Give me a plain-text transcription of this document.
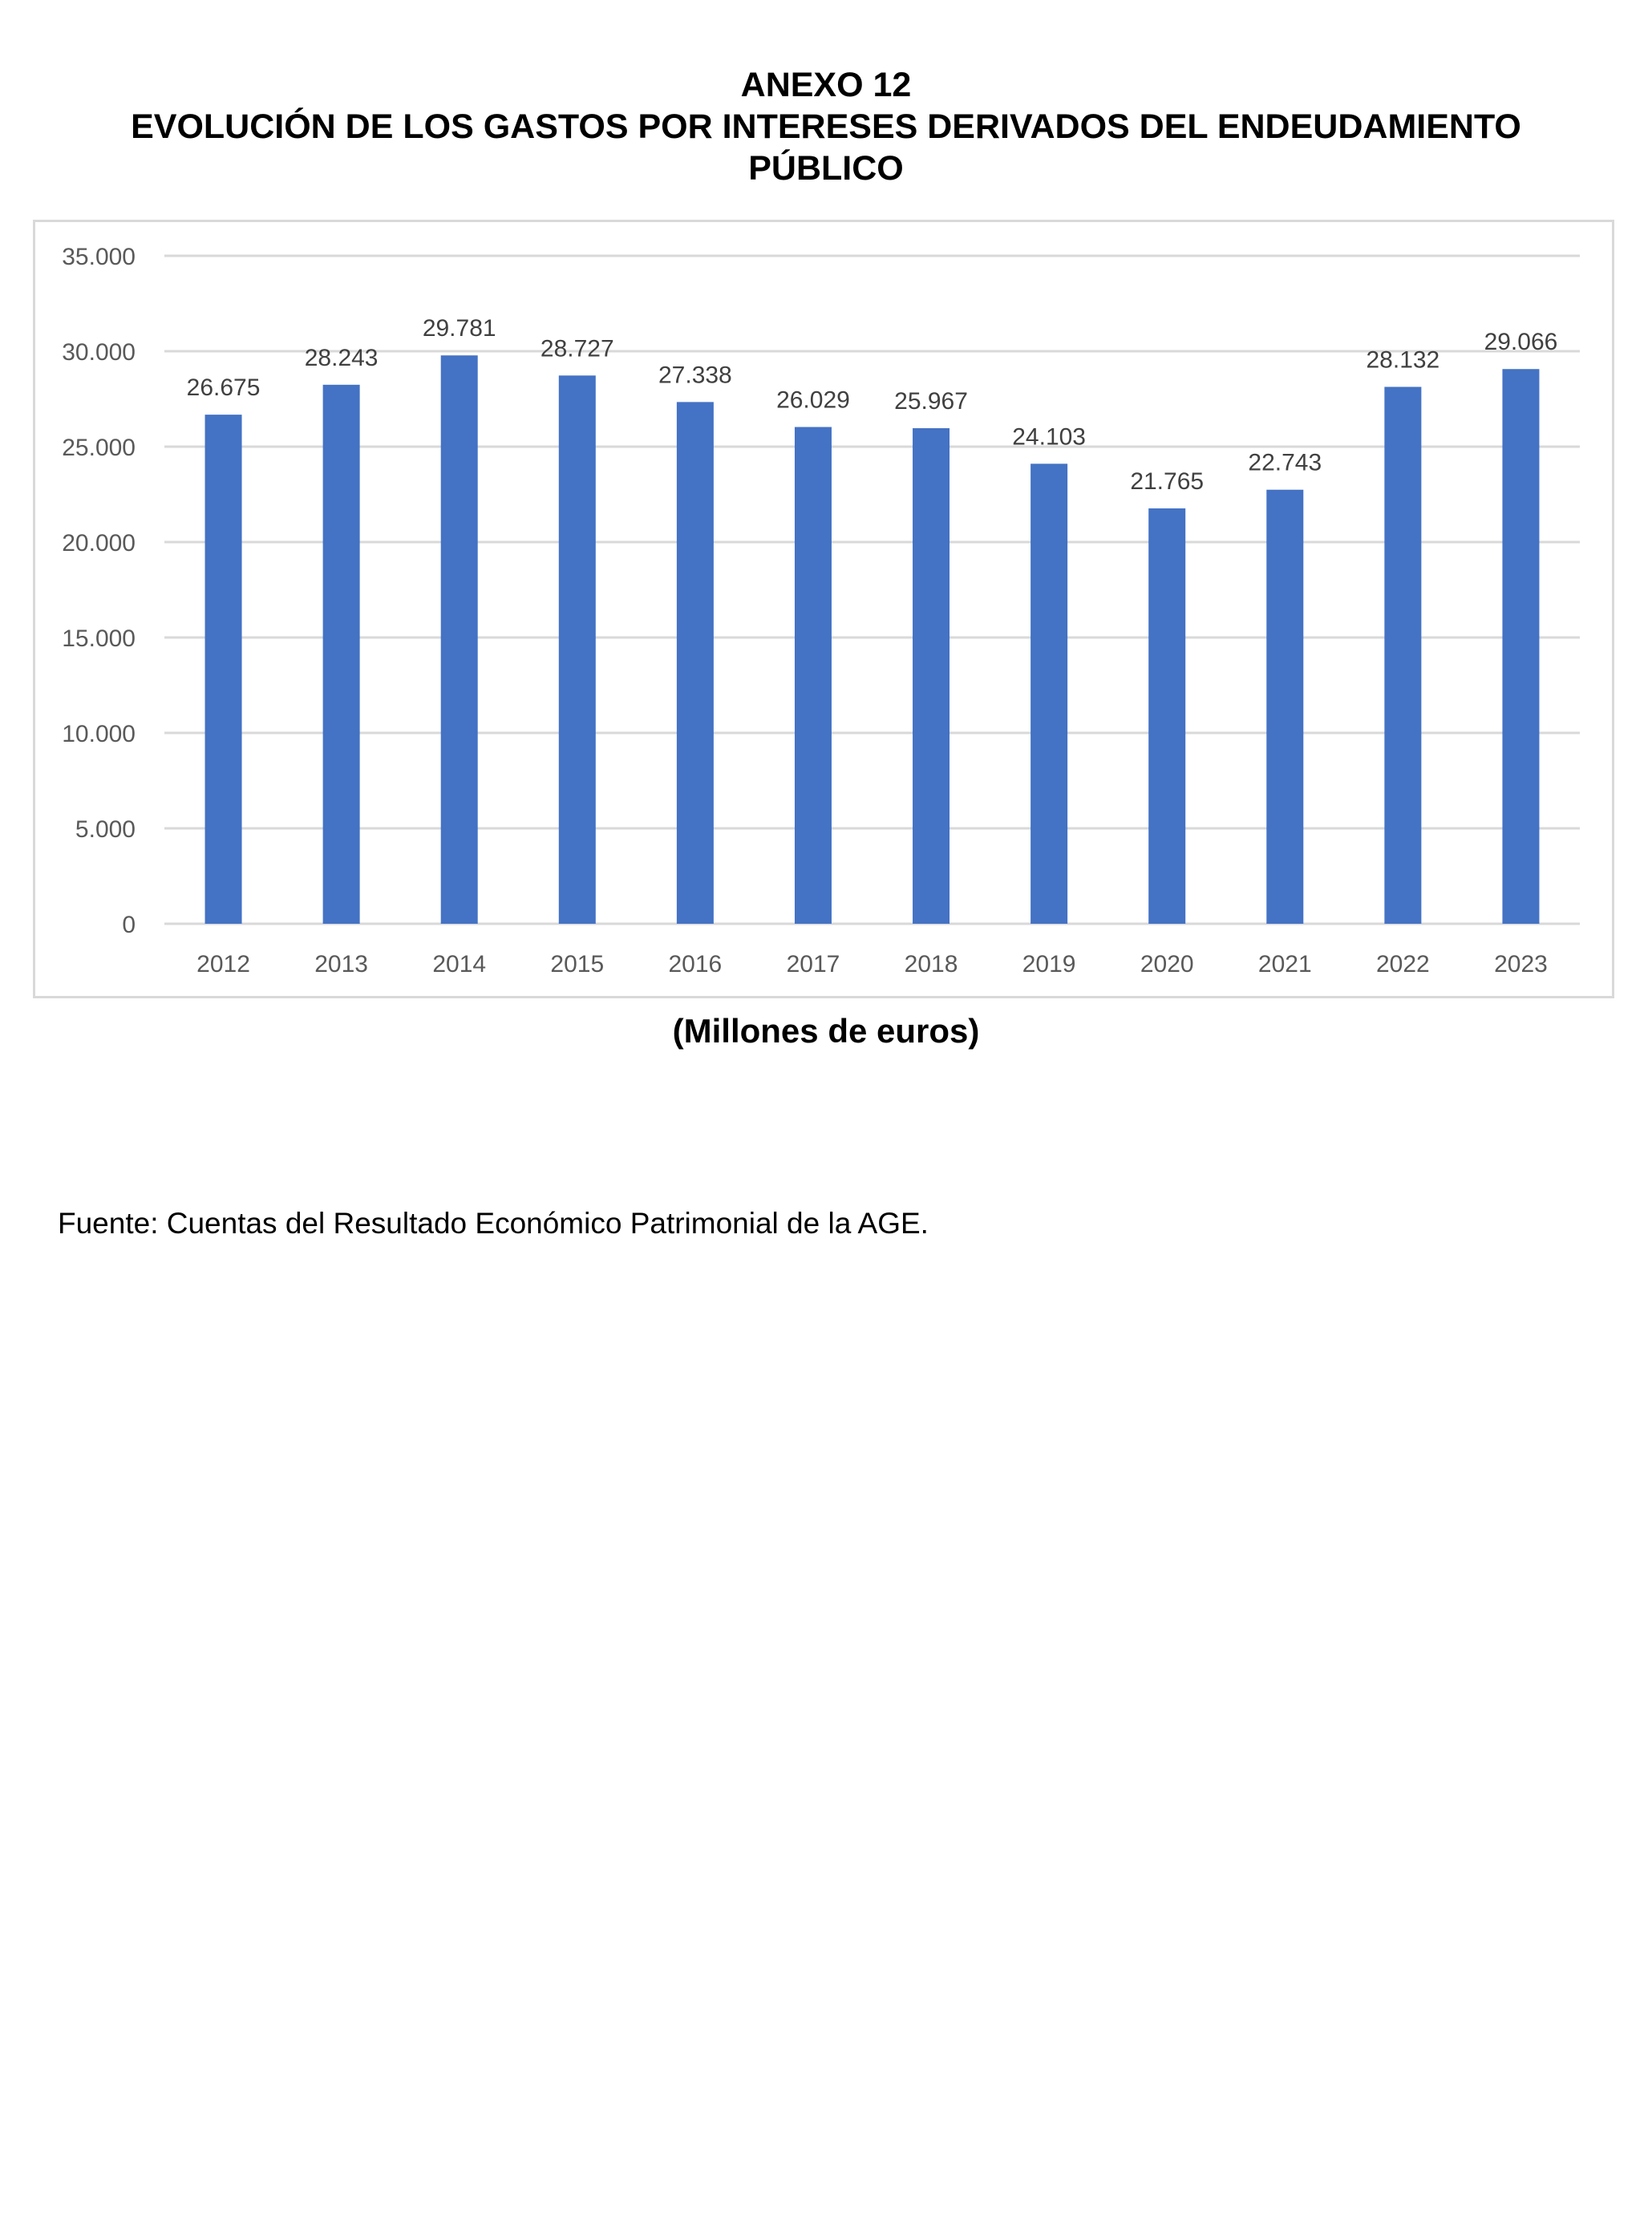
ANEXO 12

EVOLUCIÓN DE LOS GASTOS POR INTERESES DERIVADOS DEL ENDEUDAMIENTO

PÚBLICO

0
5.000
10.000
15.000
20.000
25.000
30.000
35.000
26.675
28.243
29.781
28.727
27.338
26.029 25.967
24.103
21.765
22.743
28.132
29.066
2012	2013	2014	2015	2016	2017	2018	2019	2020	2021	2022	2023
(Millones de euros)
Fuente: Cuentas del Resultado Económico Patrimonial de la AGE.
